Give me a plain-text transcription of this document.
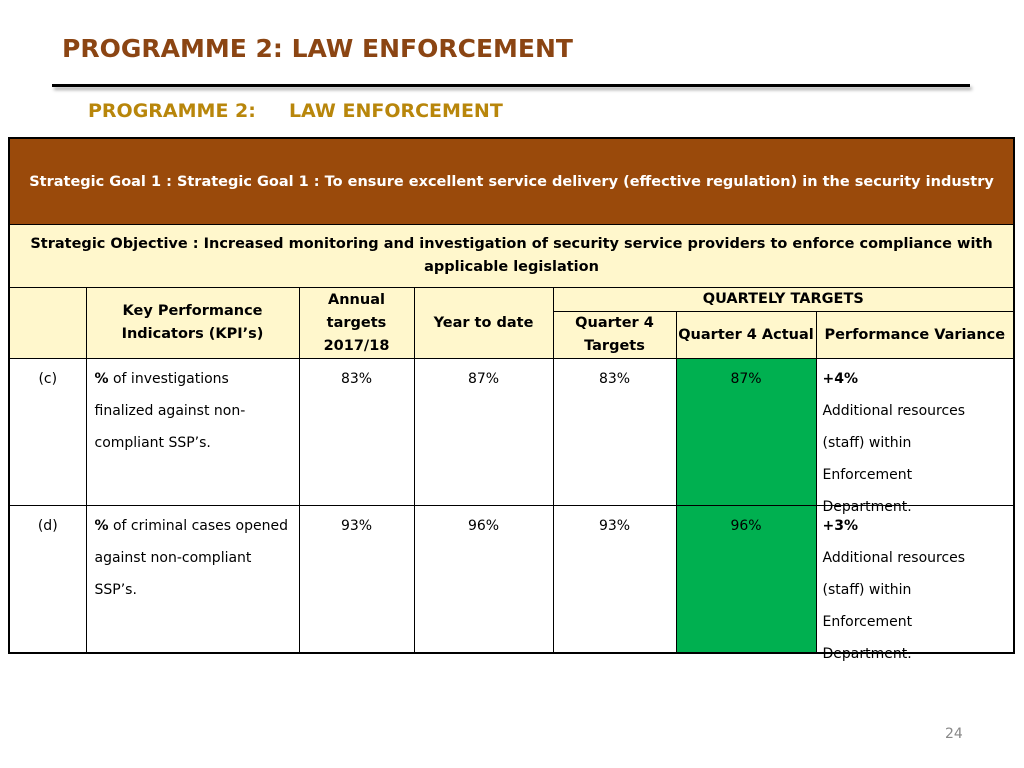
PROGRAMME 2: LAW ENFORCEMENT
PROGRAMME 2:     LAW ENFORCEMENT
Strategic Goal 1 : Strategic Goal 1 : To ensure excellent service delivery (effective regulation) in the security industry						
Strategic Objective : Increased monitoring and investigation of security service providers to enforce compliance with applicable legislation						
	Key Performance Indicators (KPI’s)	Annual targets 2017/18	Year to date	QUARTELY TARGETS		
				Quarter 4 Targets	Quarter 4 Actual	Performance Variance
(c)	% of investigations finalized against non-compliant SSP’s.	83%	87%	83%	87%	+4%
Additional resources (staff) within Enforcement Department.

(d)	% of criminal cases opened against non-compliant SSP’s.	93%	96%	93%	96%	+3%
Additional resources (staff) within Enforcement Department.
24
